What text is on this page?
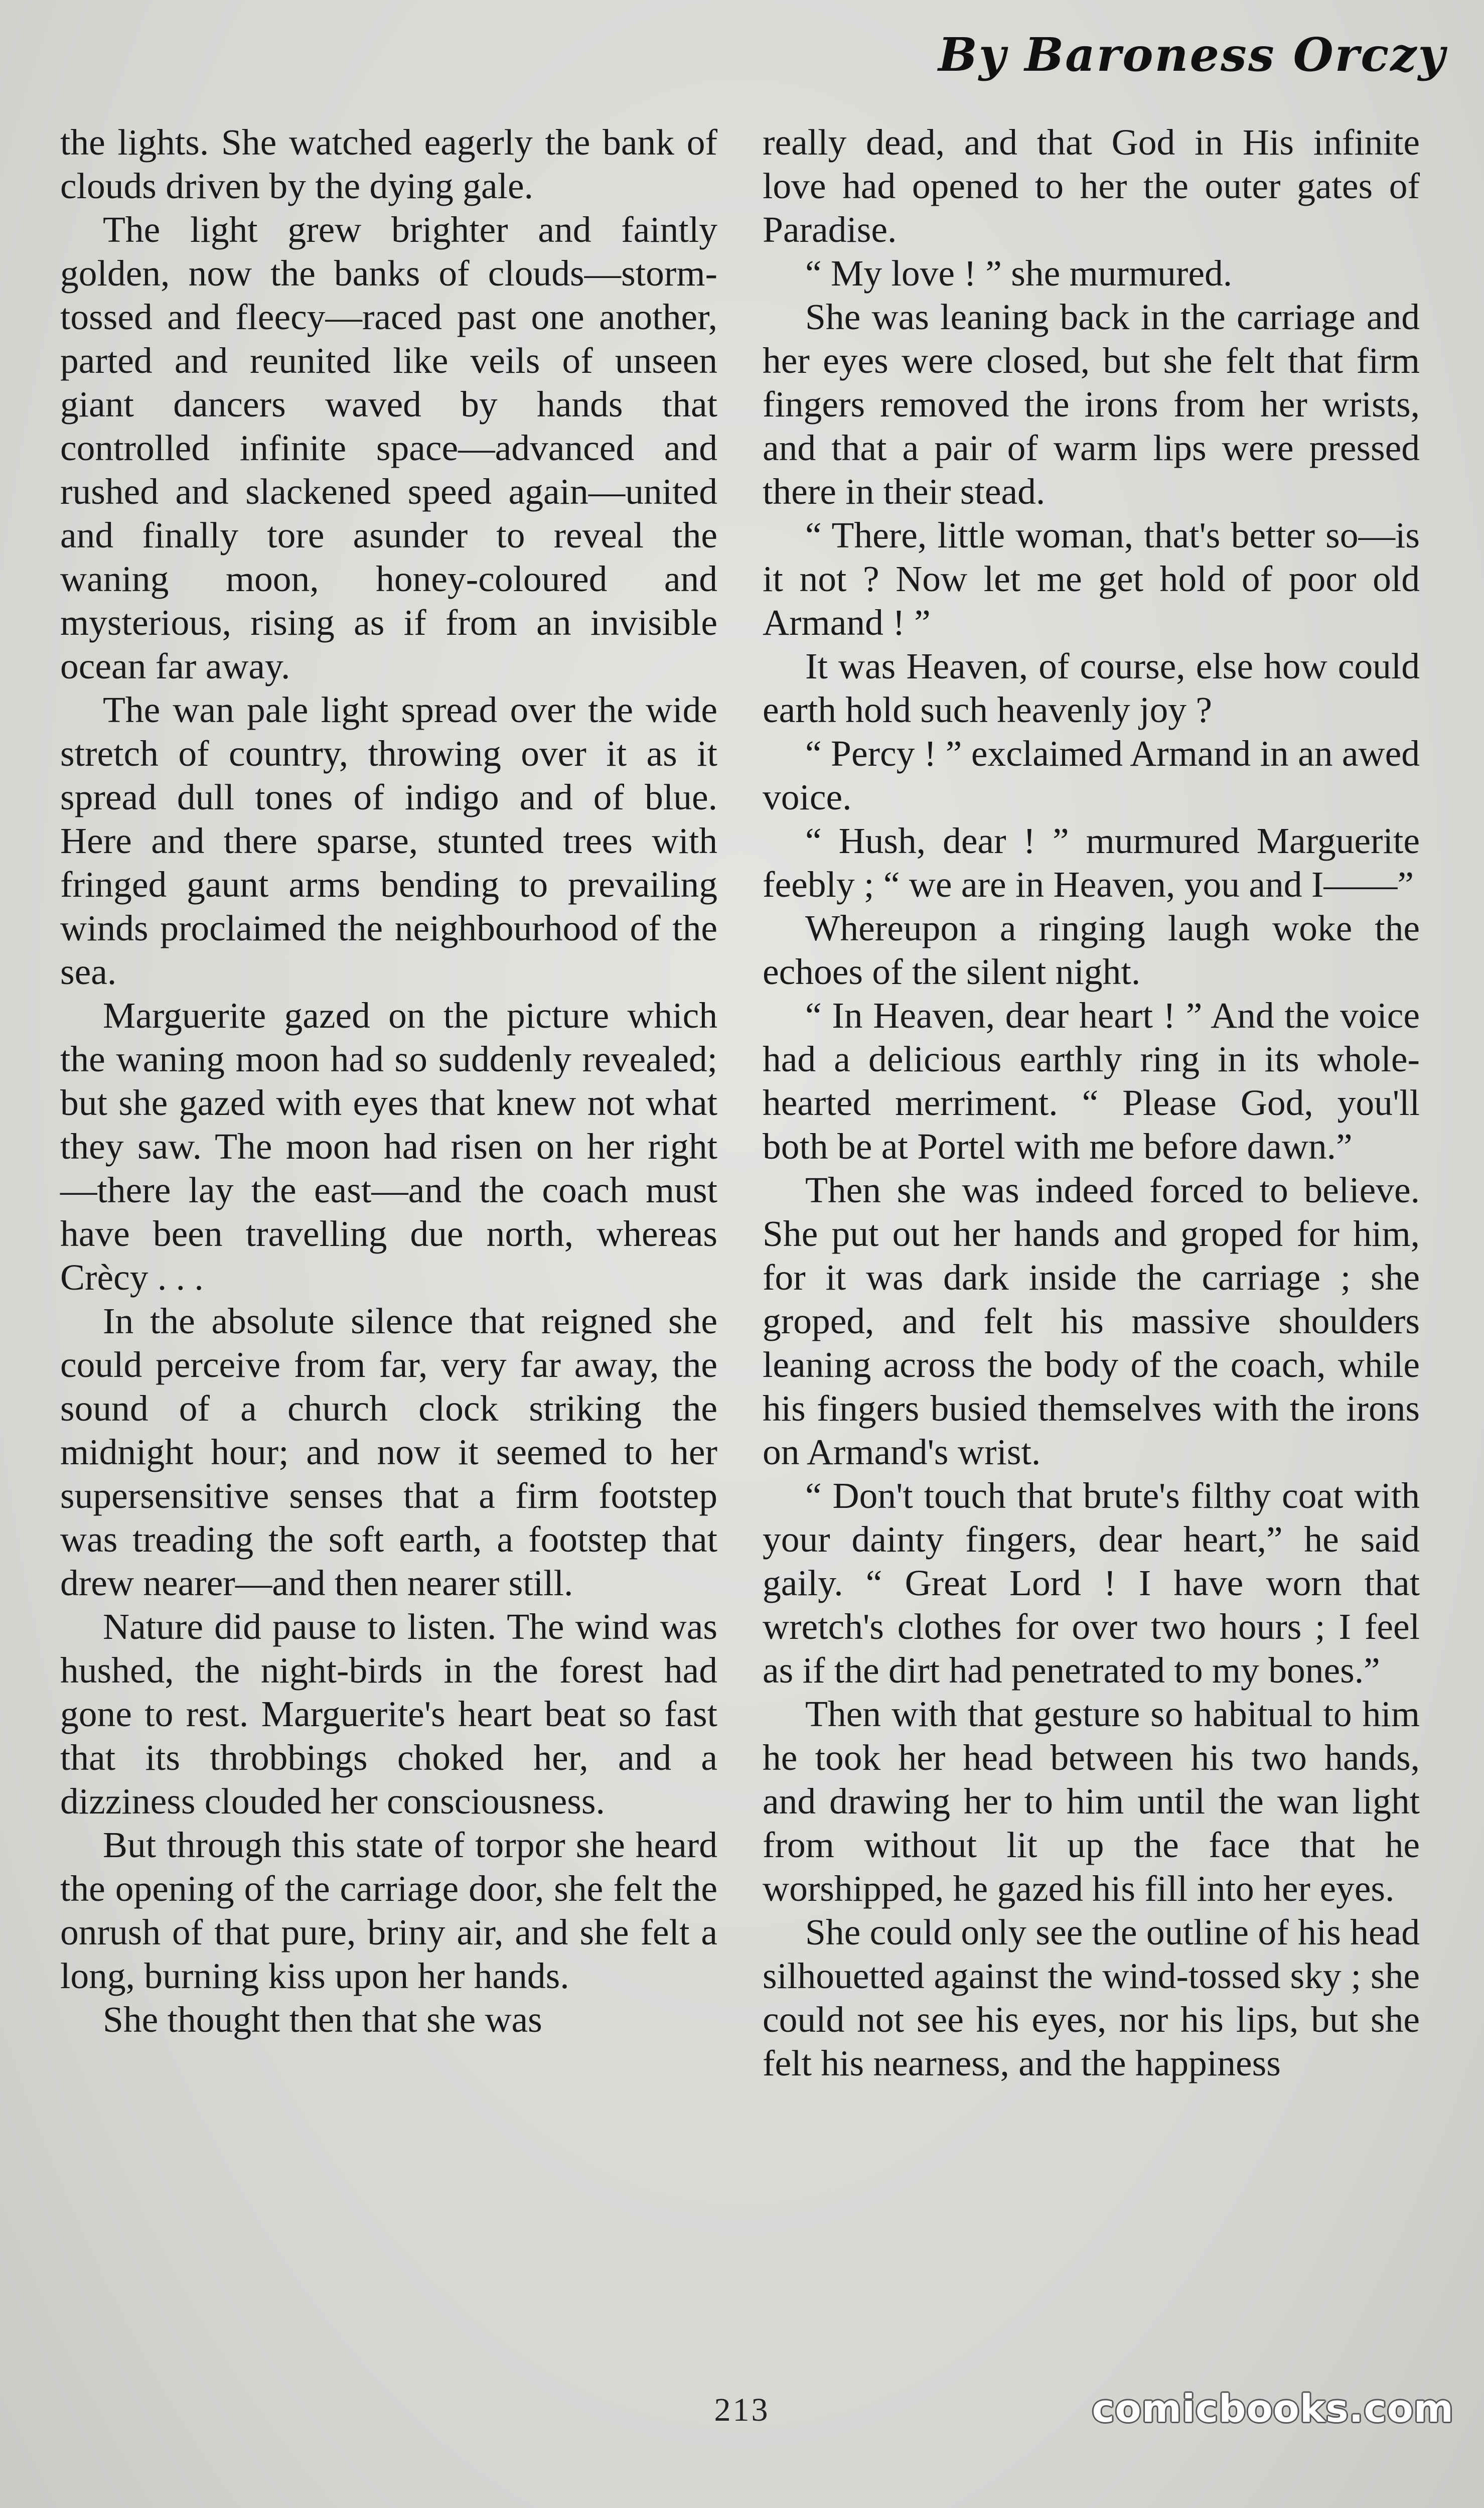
By Baroness Orczy

the lights. She watched eagerly the bank of clouds driven by the dying gale.

The light grew brighter and faintly golden, now the banks of clouds—storm-tossed and fleecy—raced past one another, parted and reunited like veils of unseen giant dancers waved by hands that controlled infinite space—advanced and rushed and slackened speed again—united and finally tore asunder to reveal the waning moon, honey-coloured and mysterious, rising as if from an invisible ocean far away.

The wan pale light spread over the wide stretch of country, throwing over it as it spread dull tones of indigo and of blue. Here and there sparse, stunted trees with fringed gaunt arms bending to prevailing winds proclaimed the neighbourhood of the sea.

Marguerite gazed on the picture which the waning moon had so suddenly revealed; but she gazed with eyes that knew not what they saw. The moon had risen on her right—there lay the east—and the coach must have been travelling due north, whereas Crècy . . .

In the absolute silence that reigned she could perceive from far, very far away, the sound of a church clock striking the midnight hour; and now it seemed to her supersensitive senses that a firm footstep was treading the soft earth, a footstep that drew nearer—and then nearer still.

Nature did pause to listen. The wind was hushed, the night-birds in the forest had gone to rest. Marguerite's heart beat so fast that its throbbings choked her, and a dizziness clouded her consciousness.

But through this state of torpor she heard the opening of the carriage door, she felt the onrush of that pure, briny air, and she felt a long, burning kiss upon her hands.

She thought then that she was

really dead, and that God in His infinite love had opened to her the outer gates of Paradise.

“ My love ! ” she murmured.

She was leaning back in the carriage and her eyes were closed, but she felt that firm fingers removed the irons from her wrists, and that a pair of warm lips were pressed there in their stead.

“ There, little woman, that's better so—is it not ? Now let me get hold of poor old Armand ! ”

It was Heaven, of course, else how could earth hold such heavenly joy ?

“ Percy ! ” exclaimed Armand in an awed voice.

“ Hush, dear ! ” murmured Marguerite feebly ; “ we are in Heaven, you and I——”

Whereupon a ringing laugh woke the echoes of the silent night.

“ In Heaven, dear heart ! ” And the voice had a delicious earthly ring in its whole-hearted merriment. “ Please God, you'll both be at Portel with me before dawn.”

Then she was indeed forced to believe. She put out her hands and groped for him, for it was dark inside the carriage ; she groped, and felt his massive shoulders leaning across the body of the coach, while his fingers busied themselves with the irons on Armand's wrist.

“ Don't touch that brute's filthy coat with your dainty fingers, dear heart,” he said gaily. “ Great Lord ! I have worn that wretch's clothes for over two hours ; I feel as if the dirt had penetrated to my bones.”

Then with that gesture so habitual to him he took her head between his two hands, and drawing her to him until the wan light from without lit up the face that he worshipped, he gazed his fill into her eyes.

She could only see the outline of his head silhouetted against the wind-tossed sky ; she could not see his eyes, nor his lips, but she felt his nearness, and the happiness

213	comicbooks.com
